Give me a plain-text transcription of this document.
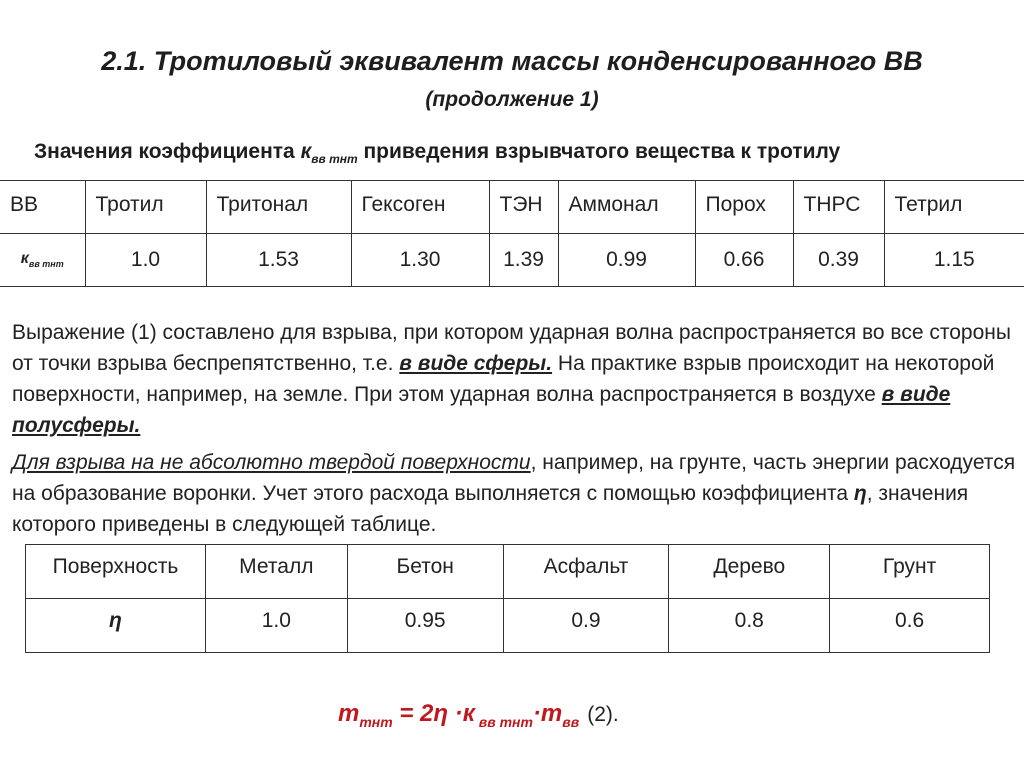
2.1. Тротиловый эквивалент массы конденсированного ВВ
(продолжение 1)
Значения коэффициента $к_{вв тнт}$ приведения взрывчатого вещества к тротилу
ВВ	Тротил	Тритонал	Гексоген	ТЭН	Аммонал	Порох	ТНРС	Тетрил
$к_{вв тнт}$	1.0	1.53	1.30	1.39	0.99	0.66	0.39	1.15
Выражение (1) составлено для взрыва, при котором ударная волна распространяется во все стороны от точки взрыва беспрепятственно, т.е. в виде сферы. На практике взрыв происходит на некоторой поверхности, например, на земле. При этом ударная волна распространяется в воздухе в виде полусферы.
Для взрыва на не абсолютно твердой поверхности, например, на грунте, часть энергии расходуется на образование воронки. Учет этого расхода выполняется с помощью коэффициента η, значения которого приведены в следующей таблице.
Поверхность	Металл	Бетон	Асфальт	Дерево	Грунт
η	1.0	0.95	0.9	0.8	0.6
$m_{тнт} = 2\eta \cdot к$ $_{вв тнт}\cdot m_{вв}$ (2).
